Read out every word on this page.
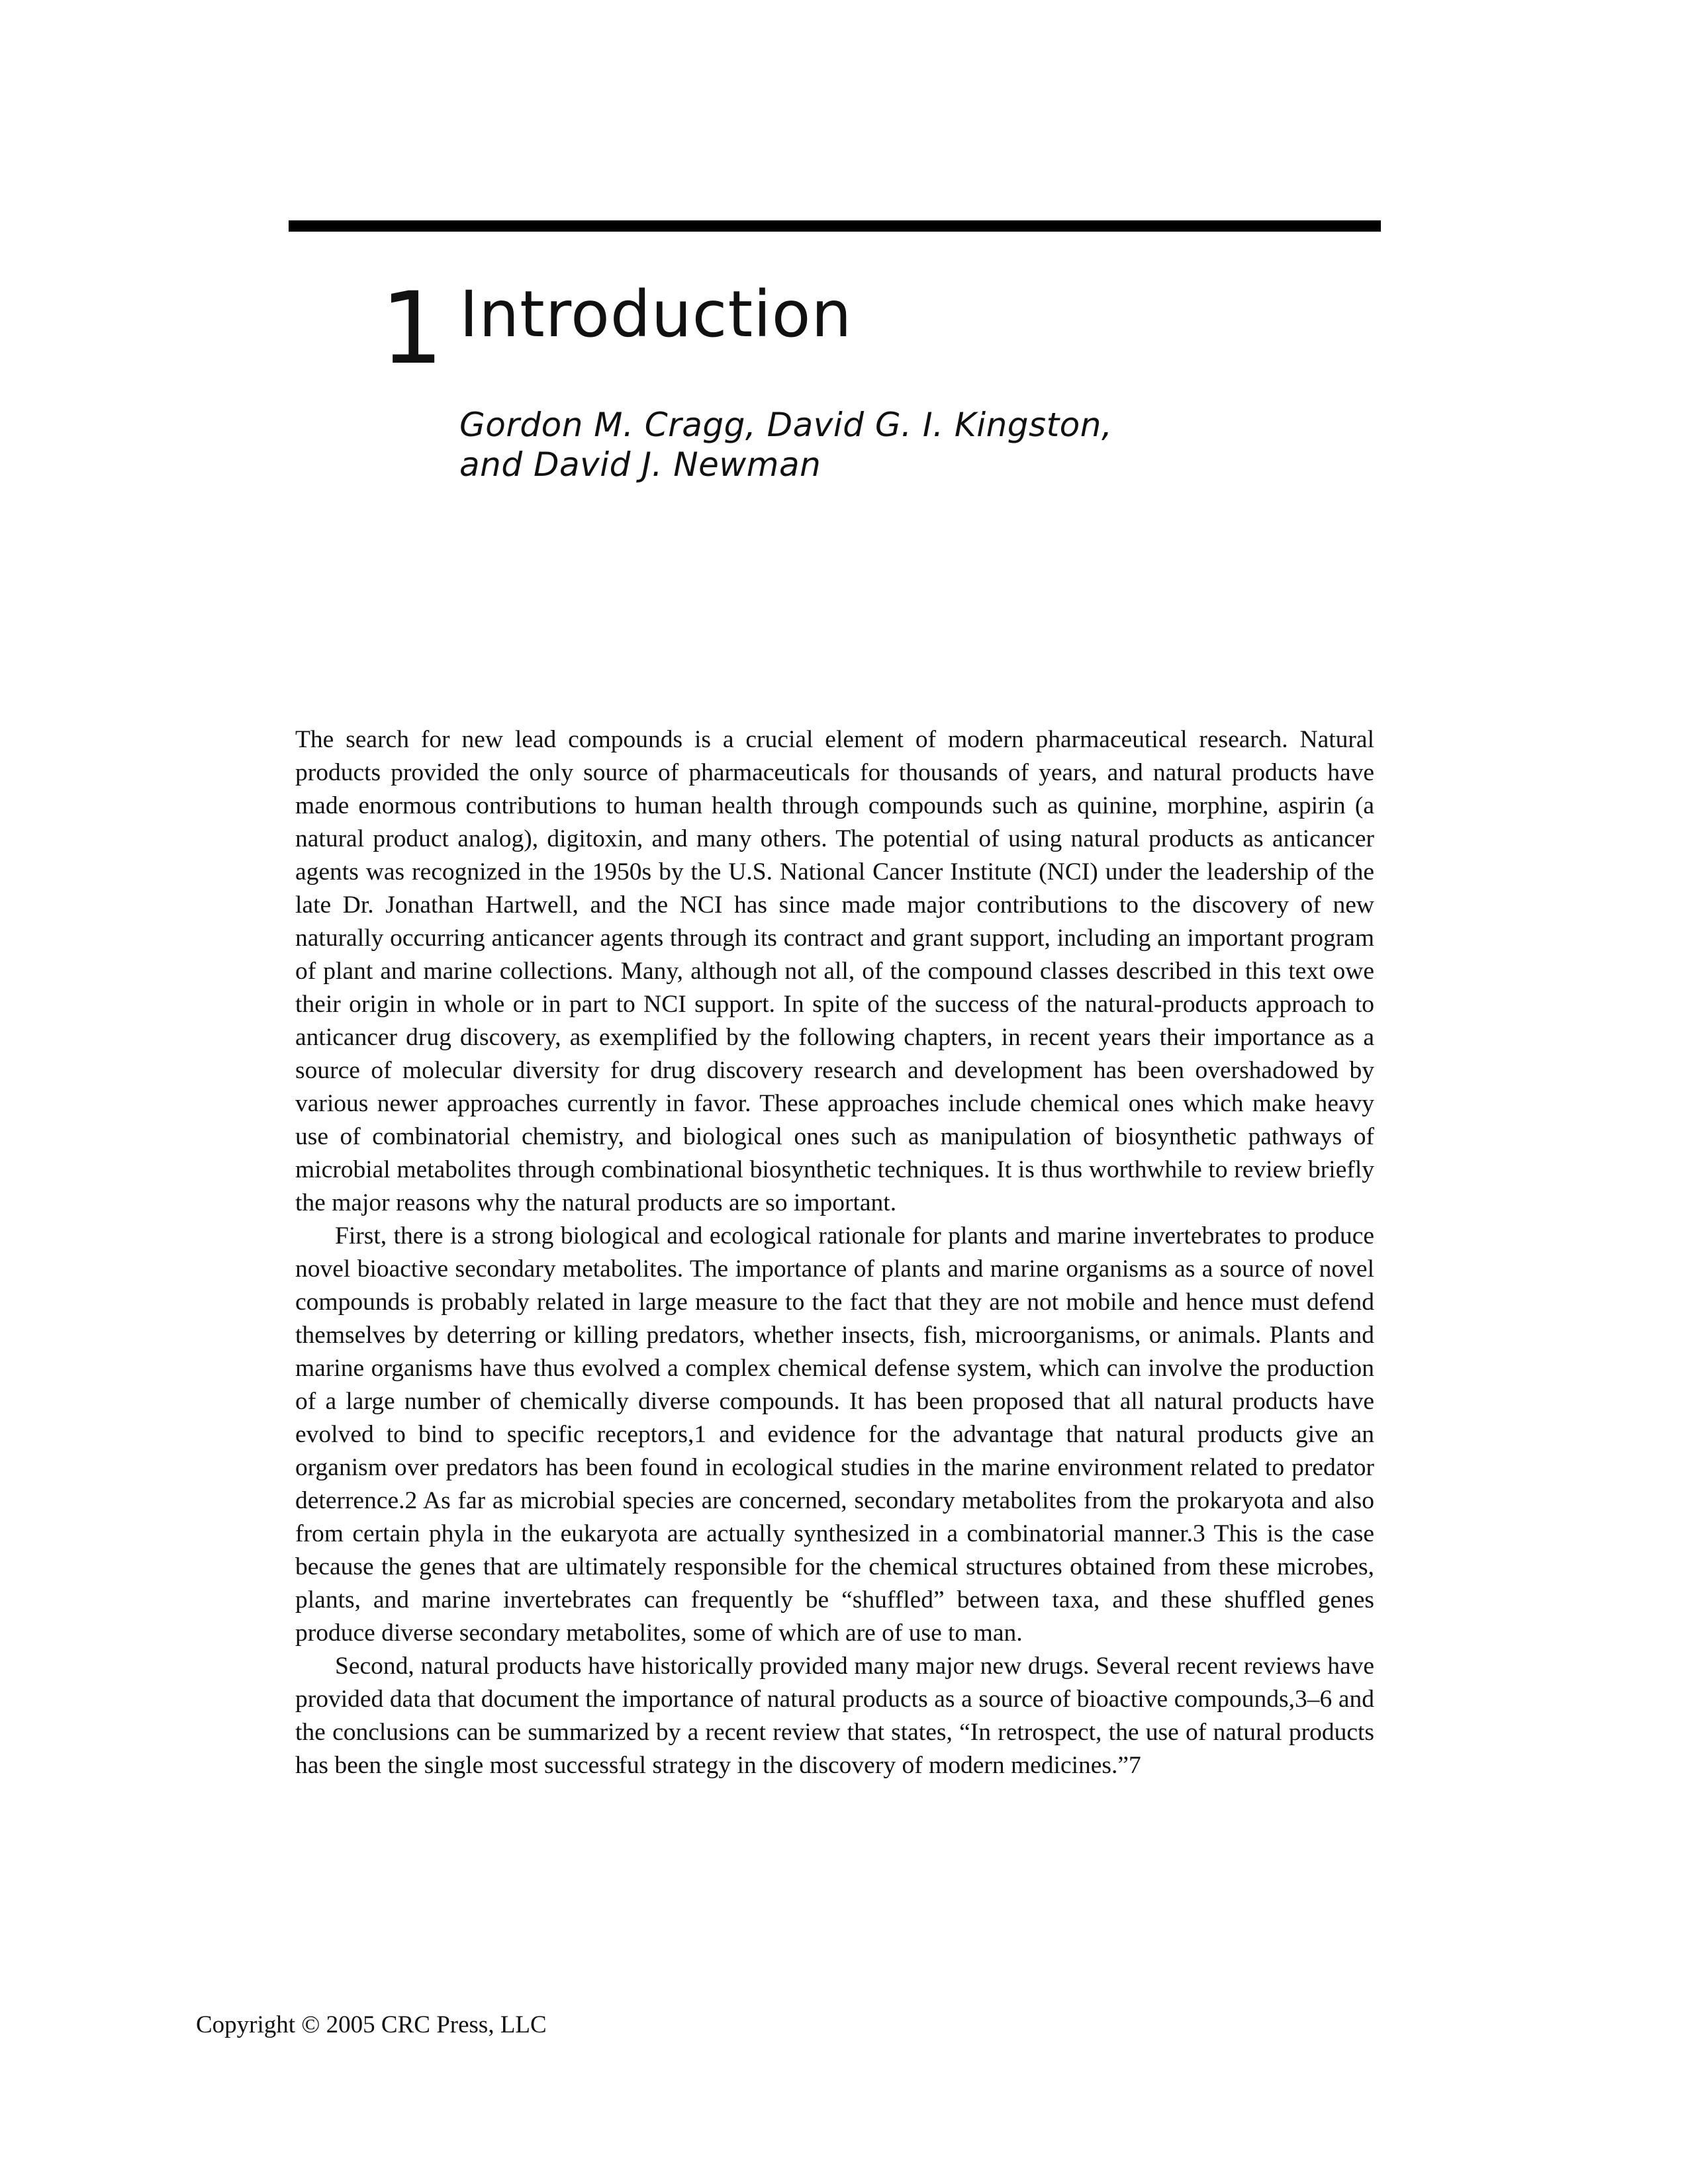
1 Introduction
Gordon M. Cragg, David G. I. Kingston,
and David J. Newman

The search for new lead compounds is a crucial element of modern pharmaceutical research. Natural products provided the only source of pharmaceuticals for thousands of years, and natural products have made enormous contributions to human health through compounds such as quinine, morphine, aspirin (a natural product analog), digitoxin, and many others. The potential of using natural products as anticancer agents was recognized in the 1950s by the U.S. National Cancer Institute (NCI) under the leadership of the late Dr. Jonathan Hartwell, and the NCI has since made major contributions to the discovery of new naturally occurring anticancer agents through its contract and grant support, including an important program of plant and marine collections. Many, although not all, of the compound classes described in this text owe their origin in whole or in part to NCI support. In spite of the success of the natural-products approach to anticancer drug discovery, as exemplified by the following chapters, in recent years their importance as a source of molecular diversity for drug discovery research and development has been overshadowed by various newer approaches currently in favor. These approaches include chemical ones which make heavy use of combinatorial chemistry, and biological ones such as manipulation of biosynthetic pathways of microbial metabolites through combinational biosynthetic techniques. It is thus worthwhile to review briefly the major reasons why the natural products are so important.

First, there is a strong biological and ecological rationale for plants and marine invertebrates to produce novel bioactive secondary metabolites. The importance of plants and marine organisms as a source of novel compounds is probably related in large measure to the fact that they are not mobile and hence must defend themselves by deterring or killing predators, whether insects, fish, microorganisms, or animals. Plants and marine organisms have thus evolved a complex chemical defense system, which can involve the production of a large number of chemically diverse compounds. It has been proposed that all natural products have evolved to bind to specific receptors,1 and evidence for the advantage that natural products give an organism over predators has been found in ecological studies in the marine environment related to predator deterrence.2 As far as microbial species are concerned, secondary metabolites from the prokaryota and also from certain phyla in the eukaryota are actually synthesized in a combinatorial manner.3 This is the case because the genes that are ultimately responsible for the chemical structures obtained from these microbes, plants, and marine invertebrates can frequently be “shuffled” between taxa, and these shuffled genes produce diverse secondary metabolites, some of which are of use to man.

Second, natural products have historically provided many major new drugs. Several recent reviews have provided data that document the importance of natural products as a source of bioactive compounds,3–6 and the conclusions can be summarized by a recent review that states, “In retrospect, the use of natural products has been the single most successful strategy in the discovery of modern medicines.”7

Copyright © 2005 CRC Press, LLC
